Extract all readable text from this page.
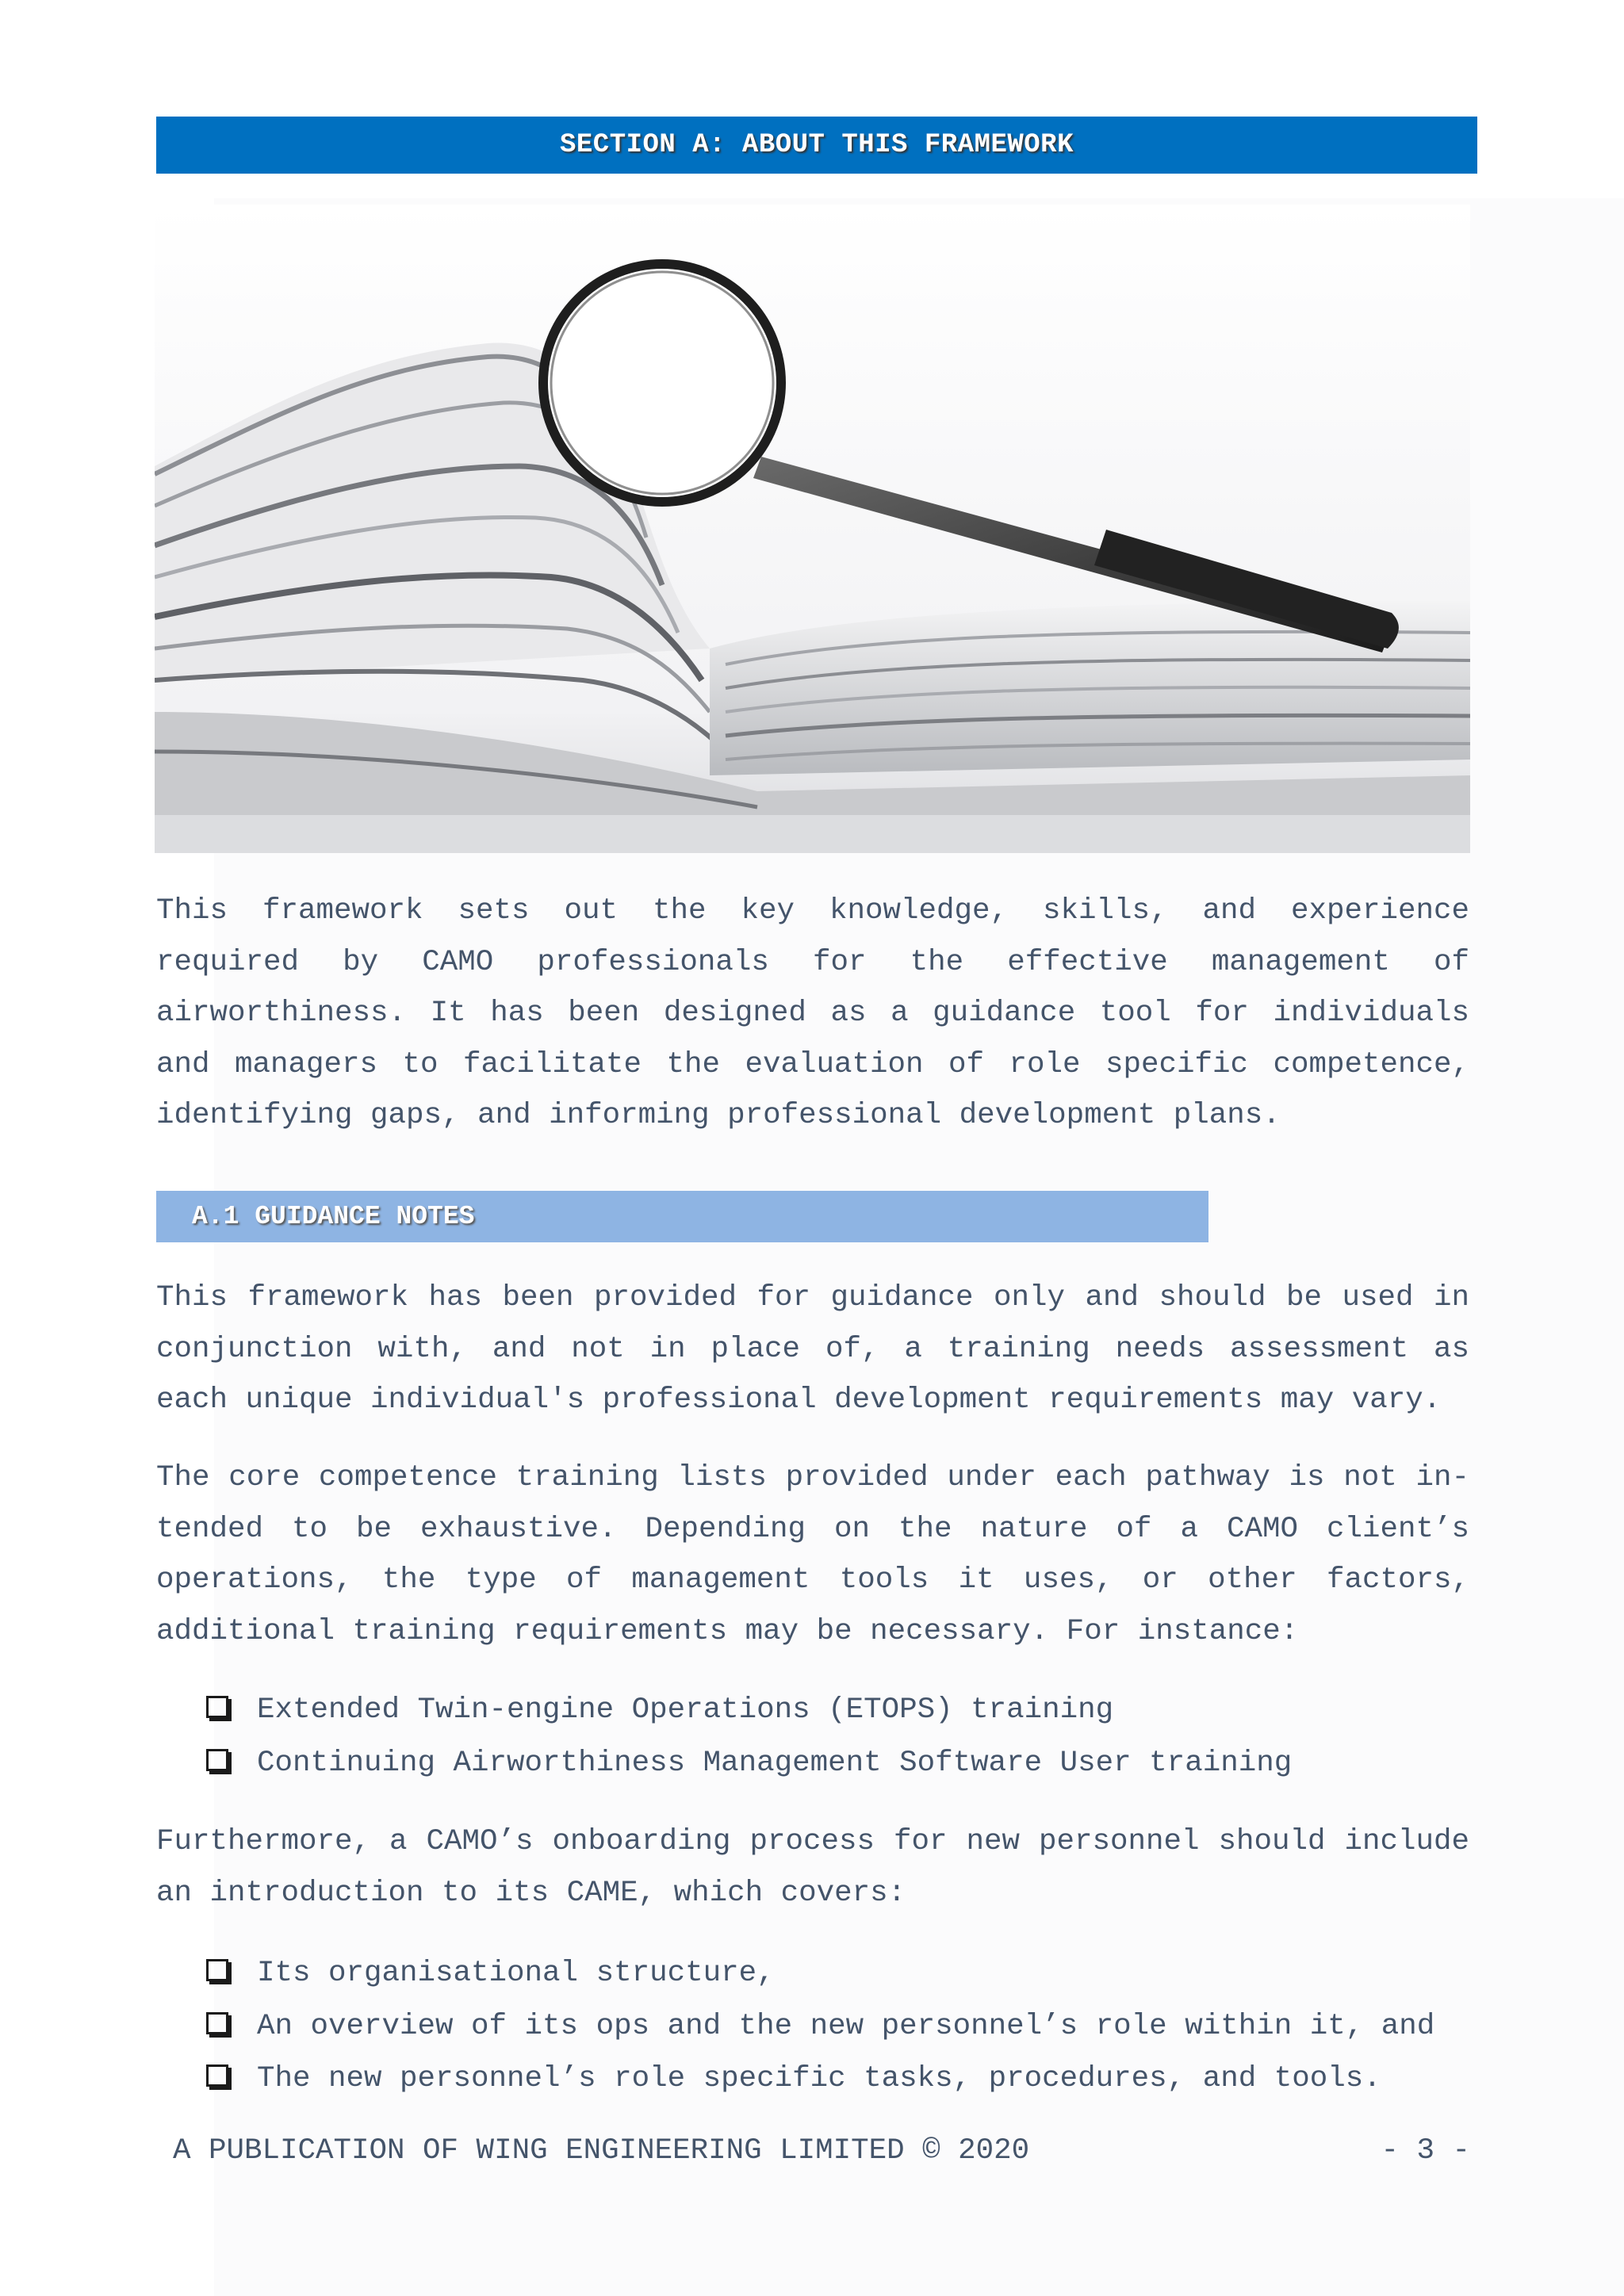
SECTION A: ABOUT THIS FRAMEWORK

This framework sets out the key knowledge, skills, and experience required by CAMO professionals for the effective management of airworthiness. It has been designed as a guidance tool for individuals and managers to facilitate the evaluation of role specific competence, identifying gaps, and informing professional development plans.

A.1 GUIDANCE NOTES

This framework has been provided for guidance only and should be used in conjunction with, and not in place of, a training needs assessment as each unique individual's professional development requirements may vary.

The core competence training lists provided under each pathway is not intended to be exhaustive. Depending on the nature of a CAMO client’s operations, the type of management tools it uses, or other factors, additional training requirements may be necessary. For instance:

Extended Twin-engine Operations (ETOPS) training
Continuing Airworthiness Management Software User training

Furthermore, a CAMO’s onboarding process for new personnel should include an introduction to its CAME, which covers:

Its organisational structure,
An overview of its ops and the new personnel’s role within it, and
The new personnel’s role specific tasks, procedures, and tools.
A PUBLICATION OF WING ENGINEERING LIMITED © 2020	- 3 -
